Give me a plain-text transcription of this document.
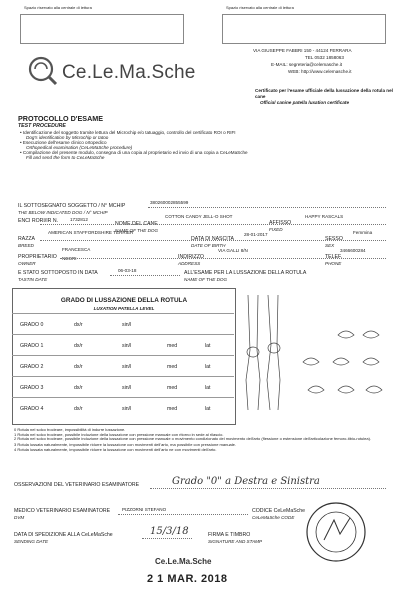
Spazio riservato alla centrale di lettura	Spazio riservato alla centrale di lettura
Ce.Le.Ma.Sche
VIA GIUSEPPE FABBRI 150 - 44124 FERRARA
TEL 0532 1858063
E-MAIL: segreteria@celemasche.it
WEB: http://www.celemasche.it
Certificato per l'esame ufficiale della lussazione della rotula nel cane
Official canine patella luxation certificate
PROTOCOLLO D'ESAME
TEST PROCEDURE
• Identificazione del soggetto tramite lettura del Microchip e/o tatuaggio, controllo del certificato ROI o RIFI
Dog's identification by Microchip or tatoo
• Esecuzione dell'esame clinico ortopedico
Orthopedical examination (CeLeMaSche procedure)
• Compilazione del presente modulo, consegna di una copia al proprietario ed invio di una copia a CeLeMaSche
Fill and send the form to CeLeMaSche
IL SOTTOSEGNATO SOGGETTO / N° MCHIP
THE BELOW INDICATED DOG / N° MCHIP
380260002855599
ENCI RORI/IR N.	1732812
NOME DEL CANE
NAME OF THE DOG
COTTON CANDY JELL-O SHOT
AFFISSO
FIXED
HAPPY RASCALS
RAZZA
BREED
AMERICAN STAFFORDSHIRE TERRIER
DATA DI NASCITA
DATE OF BIRTH
28-01-2017
SESSO
SEX
Femmina
FRANCESCA
PROPRIETARIO
OWNER
NEGRI	INDIRIZZO
ADDRESS
VIA GALLI 8/N
TELEF.
PHONE
3466600284
E STATO SOTTOPOSTO IN DATA
TASTIN DATE
06-03-18	ALL'ESAME PER LA LUSSAZIONE DELLA ROTULA
NAME OF THE DOG
GRADO DI LUSSAZIONE DELLA ROTULA
LUXATION PATELLA LEVEL
GRADO 0	dx/r	sin/l
GRADO 1	dx/r	sin/l	med	lat
GRADO 2	dx/r	sin/l	med	lat
GRADO 3	dx/r	sin/l	med	lat
GRADO 4	dx/r	sin/l	med	lat
0 Rotula nel solco trocleare, impossibilità di indurre lussazione.
1 Rotula nel solco trocleare, possibile induzione della lussazione con pressione manuale con ritorno in sede al rilascio.
2 Rotula nel solco trocleare, possibile induzione della lussazione con pressione manuale o movimento condizionato del movimento dell'arto (flessione o estensione dell'articolazione femoro-tibio-rotulea).
3 Rotula lussata naturalmente, impossibile ridurre la lussazione con movimenti dell'arto, ma possibile con pressione manuale.
4 Rotula lussata naturalmente, impossibile ridurre la lussazione con movimenti dell'arto ne con movimenti dell'arto.
OSSERVAZIONI DEL VETERINARIO ESAMINATORE	Grado "0" a Destra e Sinistra
MEDICO VETERINARIO ESAMINATORE
DVM
PIZZORNI STEFANO	CODICE CeLeMaSche
CeLeMaSche CODE
DATA DI SPEDIZIONE ALLA CeLeMaSche
SENDING DATE
15/3/18	FIRMA E TIMBRO
SIGNATURE AND STAMP
Ce.Le.Ma.Sche
2 1 MAR. 2018
